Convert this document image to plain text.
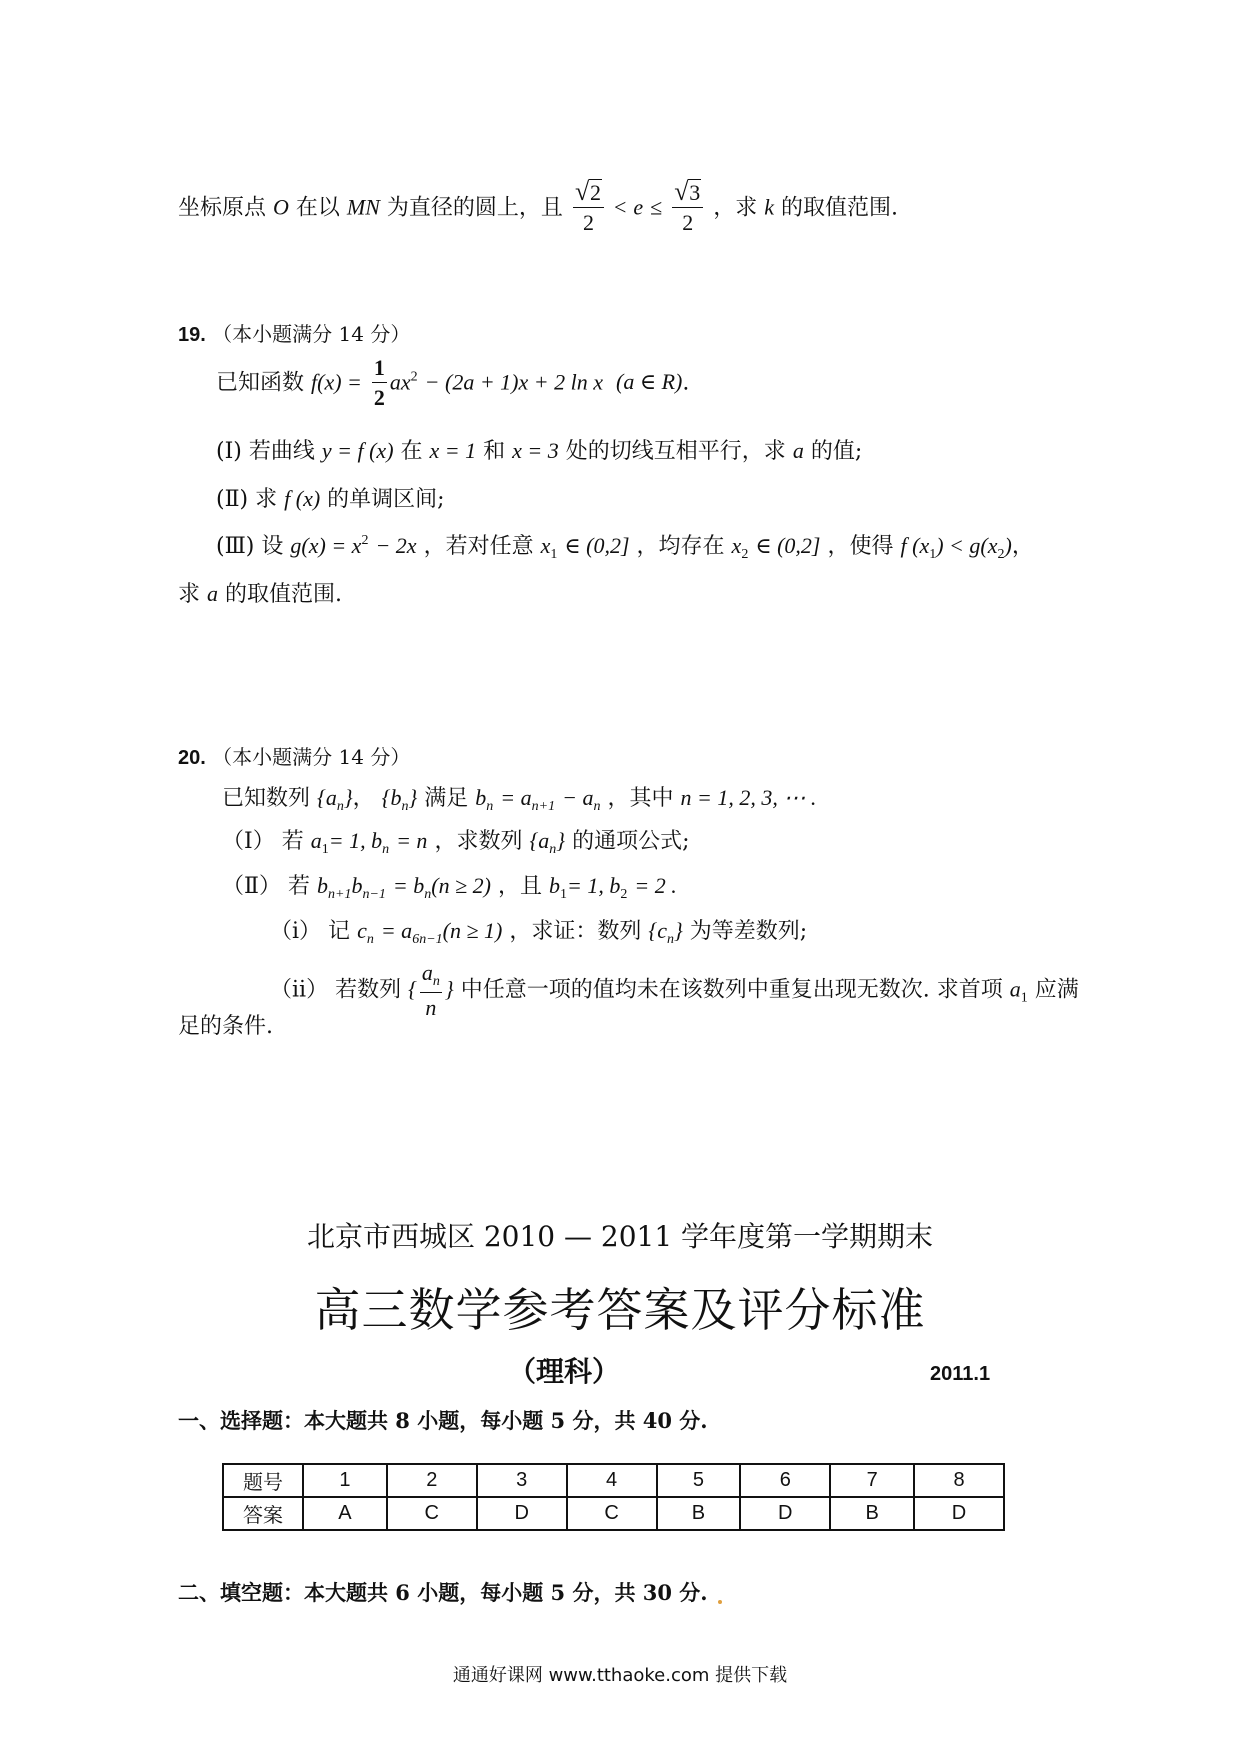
坐标原点 O 在以 MN 为直径的圆上，且 $\frac{√ 2}{2} < e \le \frac{√ 3}{2}$ ，求 k 的取值范围.
19. （本小题满分 14 分）
已知函数 $f(x) = \frac{1}{2} ax^2 - (2a + 1)x + 2$ ln x (a ∈ R).
(Ⅰ) 若曲线 y = f (x) 在 x = 1 和 x = 3 处的切线互相平行，求 a 的值;
(Ⅱ) 求 f (x) 的单调区间;
(Ⅲ) 设 $g(x) = x^2 - 2x$ ，若对任意 $x_1$ ∈ (0,2] ，均存在 $x_2$ ∈ (0,2] ，使得 f $(x_1) < g(x_2)$，
求 a 的取值范围.
20. （本小题满分 14 分）
已知数列 $\{a_n\}$， $\{b_n\}$ 满足 $b_n = a_{n+1} - a_n$ ，其中 n = 1, 2, 3, ⋯ .
（Ⅰ） 若 $a_1= 1$, $b_n = n$ ，求数列 $\{a_n\}$ 的通项公式;
（Ⅱ） 若 $b_{n+1}b_{n-1} = b_n(n \ge 2)$ ，且 $b_1= 1$, $b_2 = 2$ .
（ⅰ） 记 $c_n = a_{6n-1}(n \ge 1)$ ，求证：数列 $\{c_n\}$ 为等差数列;
（ⅱ） 若数列 { $\frac{a_n}{n}$ } 中任意一项的值均未在该数列中重复出现无数次. 求首项 $a_1$ 应满
足的条件.
北京市西城区 2010 — 2011 学年度第一学期期末
高三数学参考答案及评分标准
（理科）	2011.1
一、选择题：本大题共 8 小题，每小题 5 分，共 40 分.
题号	1	2	3	4	5	6	7	8
答案	A	C	D	C	B	D	B	D
二、填空题：本大题共 6 小题，每小题 5 分，共 30 分.
通通好课网 www.tthaoke.com 提供下载
